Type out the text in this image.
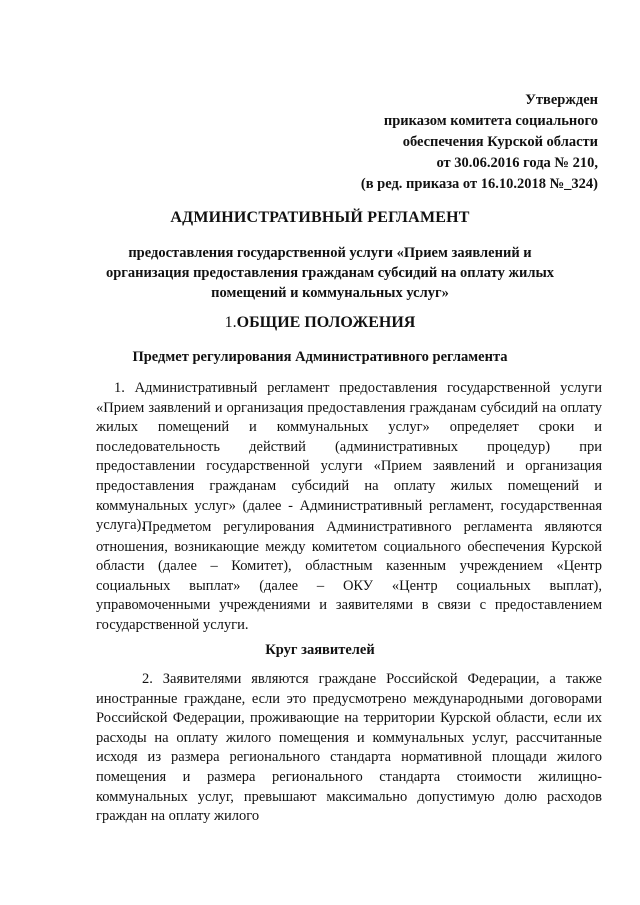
Утвержден
приказом комитета социального
обеспечения Курской области
от 30.06.2016 года № 210,
(в ред. приказа от 16.10.2018 №_324)
АДМИНИСТРАТИВНЫЙ РЕГЛАМЕНТ
предоставления государственной услуги «Прием заявлений и организация предоставления гражданам субсидий на оплату жилых помещений и коммунальных услуг»
1.ОБЩИЕ ПОЛОЖЕНИЯ
Предмет регулирования Административного регламента
1. Административный регламент предоставления государственной услуги «Прием заявлений и организация предоставления гражданам субсидий на оплату жилых помещений и коммунальных услуг» определяет сроки и последовательность действий (административных процедур) при предоставлении государственной услуги «Прием заявлений и организация предоставления гражданам субсидий на оплату жилых помещений и коммунальных услуг» (далее - Административный регламент, государственная услуга).
Предметом регулирования Административного регламента являются отношения, возникающие между комитетом социального обеспечения Курской области (далее – Комитет), областным казенным учреждением «Центр социальных выплат» (далее – ОКУ «Центр социальных выплат), управомоченными учреждениями и заявителями в связи с предоставлением государственной услуги.
Круг заявителей
2. Заявителями являются граждане Российской Федерации, а также иностранные граждане, если это предусмотрено международными договорами Российской Федерации, проживающие на территории Курской области, если их расходы на оплату жилого помещения и коммунальных услуг, рассчитанные исходя из размера регионального стандарта нормативной площади жилого помещения и размера регионального стандарта стоимости жилищно-коммунальных услуг, превышают максимально допустимую долю расходов граждан на оплату жилого
